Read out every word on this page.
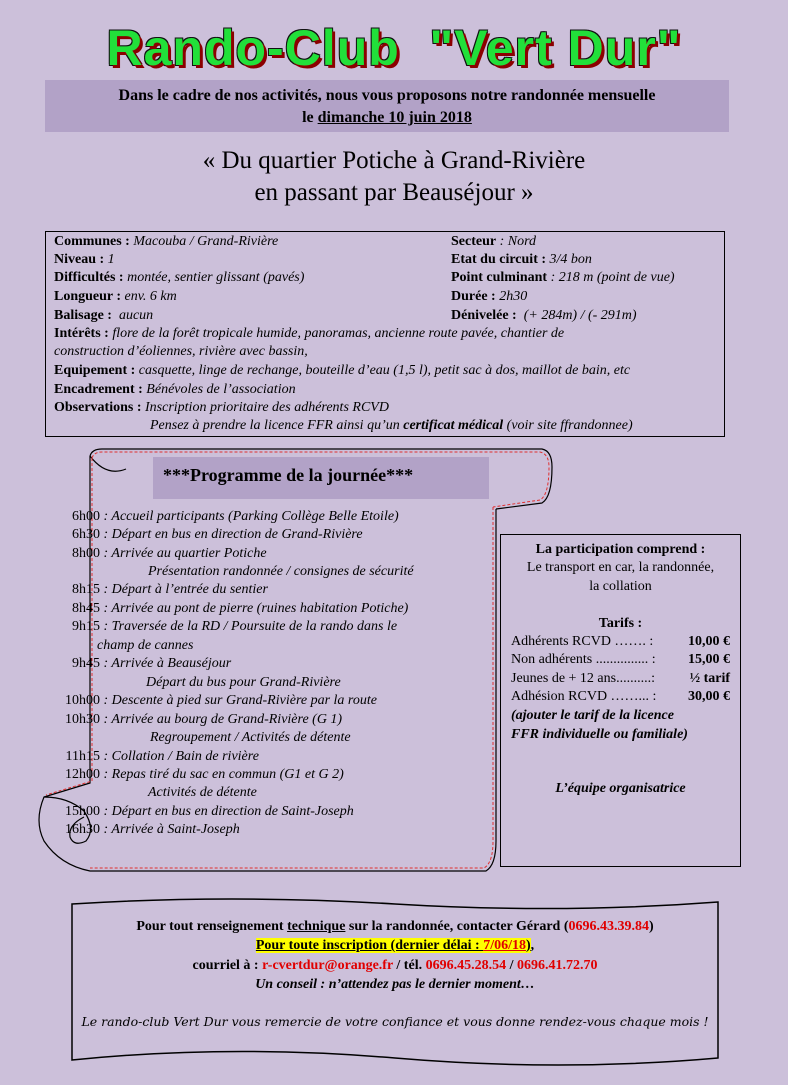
Rando-Club  "Vert Dur"
Dans le cadre de nos activités, nous vous proposons notre randonnée mensuelle
le dimanche 10 juin 2018
« Du quartier Potiche à Grand-Rivière
en passant par Beauséjour »
Communes : Macouba / Grand-Rivière	Secteur : Nord
Niveau : 1	Etat du circuit : 3/4 bon
Difficultés : montée, sentier glissant (pavés)	Point culminant : 218 m (point de vue)
Longueur : env. 6 km	Durée : 2h30
Balisage : aucun	Dénivelée : (+ 284m) / (- 291m)
Intérêts : flore de la forêt tropicale humide, panoramas, ancienne route pavée, chantier de
construction d’éoliennes, rivière avec bassin,
Equipement : casquette, linge de rechange, bouteille d’eau (1,5 l), petit sac à dos, maillot de bain, etc
Encadrement : Bénévoles de l’association
Observations : Inscription prioritaire des adhérents RCVD
Pensez à prendre la licence FFR ainsi qu’un certificat médical (voir site ffrandonnee)
***Programme de la journée***
6h00 : Accueil participants (Parking Collège Belle Etoile)
6h30 : Départ en bus en direction de Grand-Rivière
8h00 : Arrivée au quartier Potiche
Présentation randonnée / consignes de sécurité
8h15 : Départ à l’entrée du sentier
8h45 : Arrivée au pont de pierre (ruines habitation Potiche)
9h15 : Traversée de la RD / Poursuite de la rando dans le
champ de cannes
9h45 : Arrivée à Beauséjour
Départ du bus pour Grand-Rivière
10h00 : Descente à pied sur Grand-Rivière par la route
10h30 : Arrivée au bourg de Grand-Rivière (G 1)
Regroupement / Activités de détente
11h15 : Collation / Bain de rivière
12h00 : Repas tiré du sac en commun (G1 et G 2)
Activités de détente
15h00 : Départ en bus en direction de Saint-Joseph
16h30 : Arrivée à Saint-Joseph
La participation comprend :
Le transport en car, la randonnée,
la collation
Tarifs :
Adhérents RCVD ……. : 10,00 €
Non adhérents ............... : 15,00 €
Jeunes de + 12 ans..........: ½ tarif
Adhésion RCVD ……... : 30,00 €
(ajouter le tarif de la licence
FFR individuelle ou familiale)
L’équipe organisatrice
Pour tout renseignement technique sur la randonnée, contacter Gérard (0696.43.39.84)
Pour toute inscription (dernier délai : 7/06/18),
courriel à : r-cvertdur@orange.fr / tél. 0696.45.28.54 / 0696.41.72.70
Un conseil : n’attendez pas le dernier moment…
Le rando-club Vert Dur vous remercie de votre confiance et vous donne rendez-vous chaque mois !
